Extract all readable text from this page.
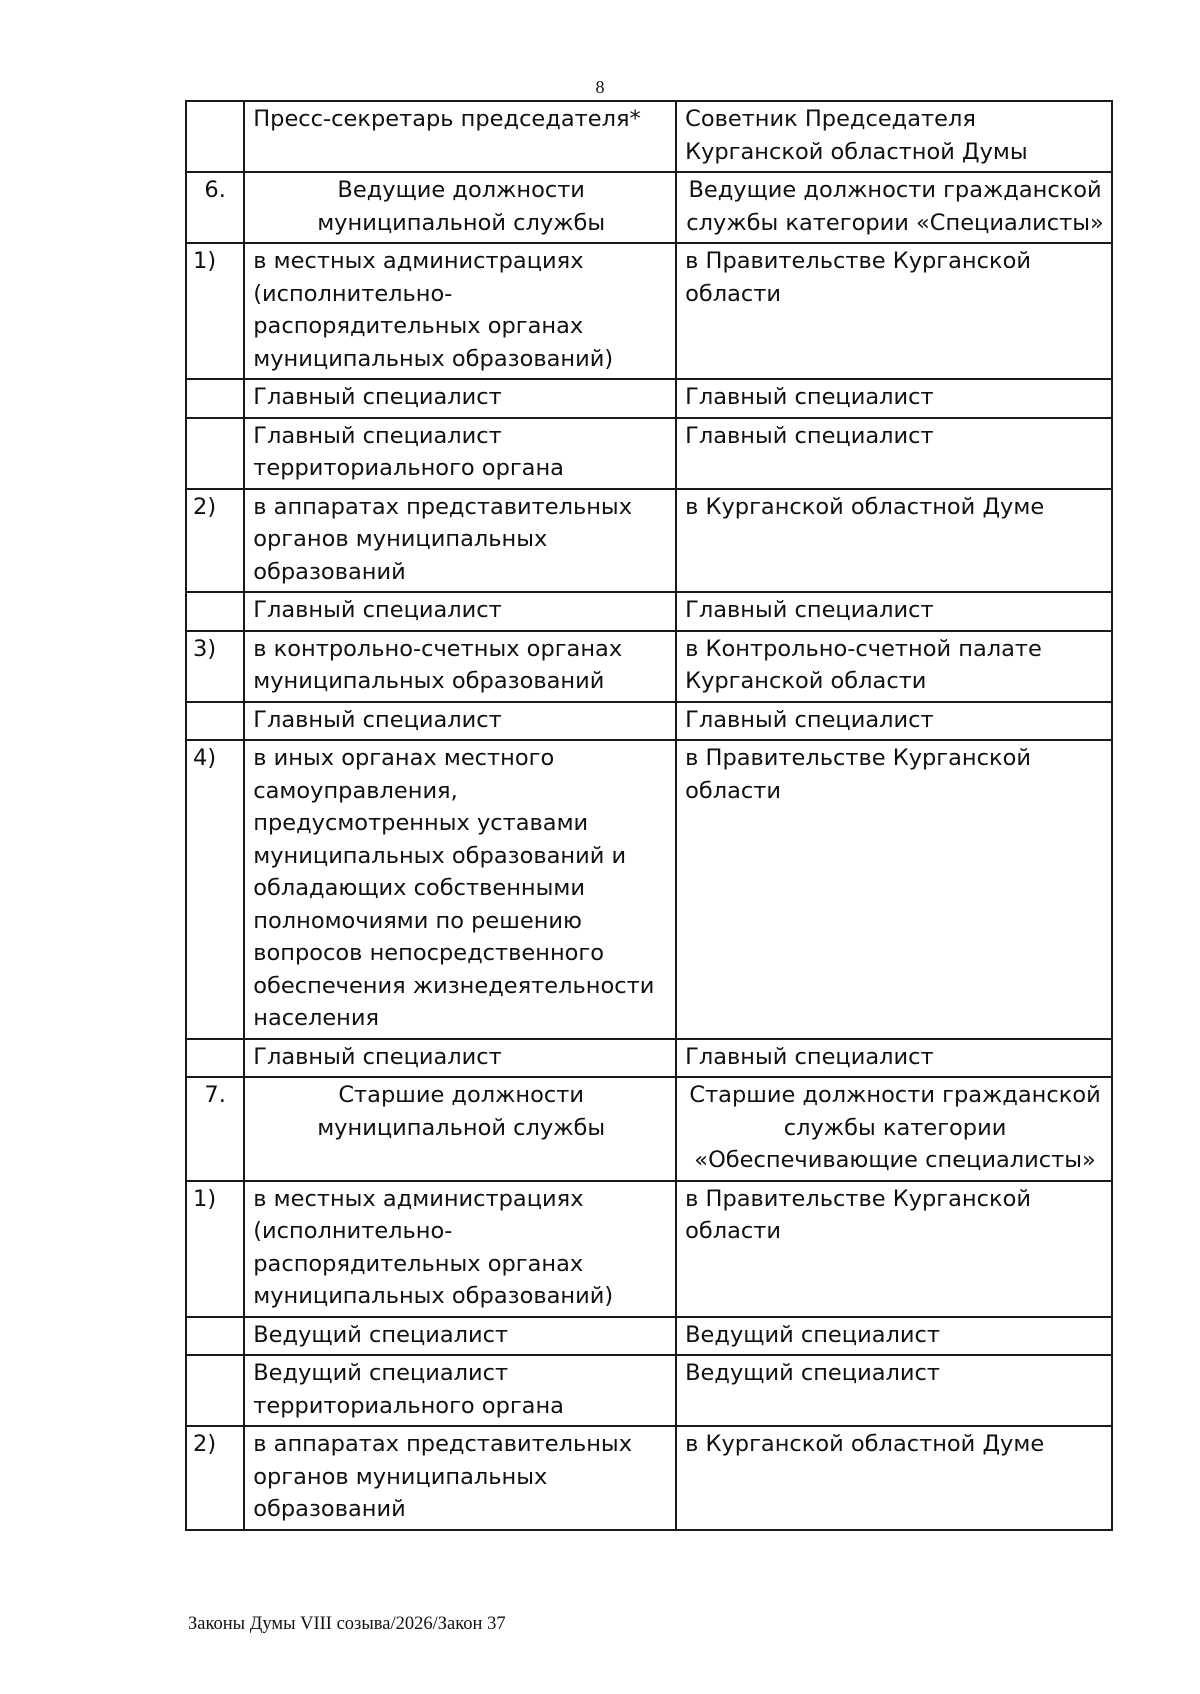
8
	Пресс-секретарь председателя*	Советник Председателя Курганской областной Думы
6.	Ведущие должности муниципальной службы	Ведущие должности гражданской службы категории «Специалисты»
1)	в местных администрациях (исполнительно-распорядительных органах муниципальных образований)	в Правительстве Курганской области
	Главный специалист	Главный специалист
	Главный специалист территориального органа	Главный специалист
2)	в аппаратах представительных органов муниципальных образований	в Курганской областной Думе
	Главный специалист	Главный специалист
3)	в контрольно-счетных органах муниципальных образований	в Контрольно-счетной палате Курганской области
	Главный специалист	Главный специалист
4)	в иных органах местного самоуправления, предусмотренных уставами муниципальных образований и обладающих собственными полномочиями по решению вопросов непосредственного обеспечения жизнедеятельности населения	в Правительстве Курганской области
	Главный специалист	Главный специалист
7.	Старшие должности муниципальной службы	Старшие должности гражданской службы категории «Обеспечивающие специалисты»
1)	в местных администрациях (исполнительно-распорядительных органах муниципальных образований)	в Правительстве Курганской области
	Ведущий специалист	Ведущий специалист
	Ведущий специалист территориального органа	Ведущий специалист
2)	в аппаратах представительных органов муниципальных образований	в Курганской областной Думе
Законы Думы VIII созыва/2026/Закон 37
